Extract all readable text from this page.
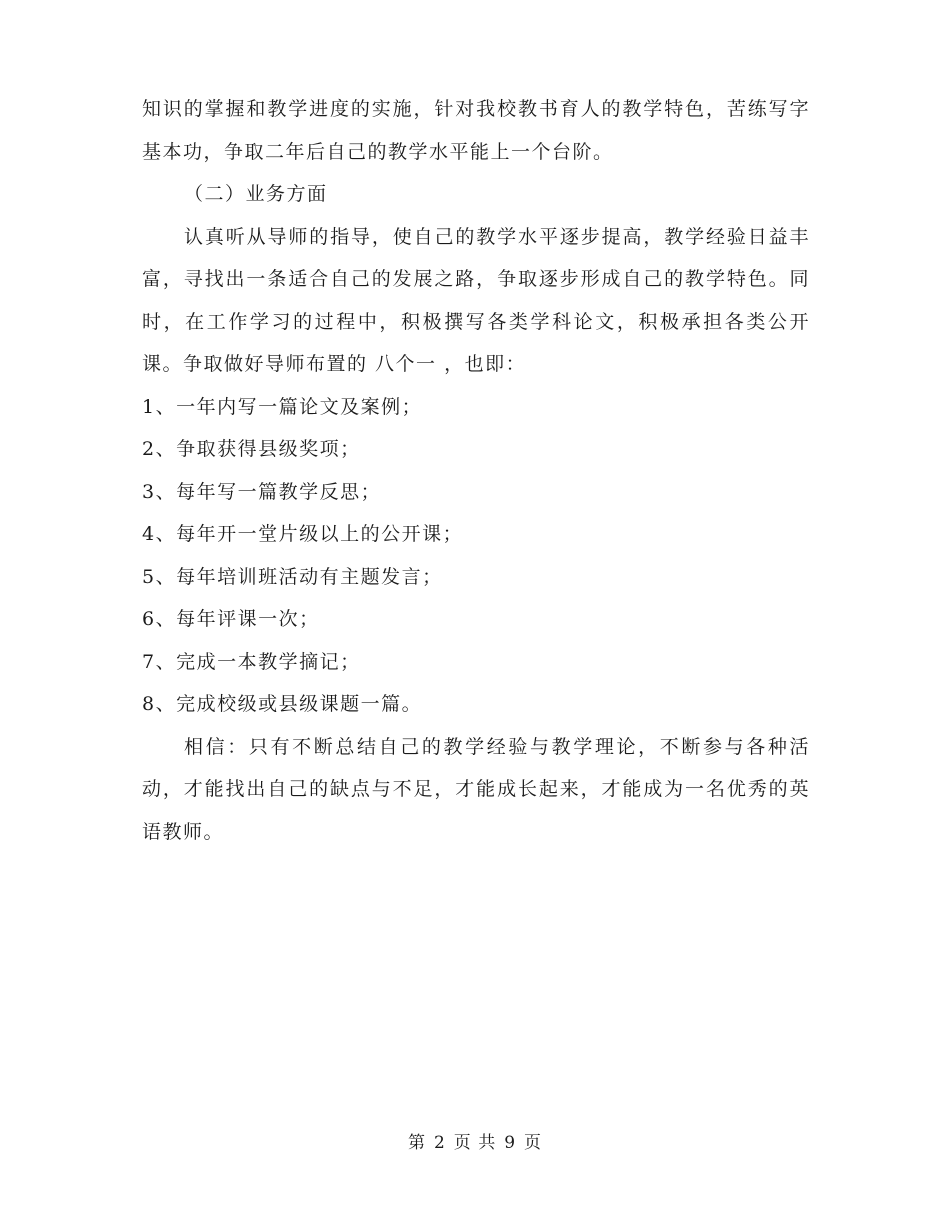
知识的掌握和教学进度的实施，针对我校教书育人的教学特色，苦练写字基本功，争取二年后自己的教学水平能上一个台阶。

（二）业务方面

认真听从导师的指导，使自己的教学水平逐步提高，教学经验日益丰富，寻找出一条适合自己的发展之路，争取逐步形成自己的教学特色。同时，在工作学习的过程中，积极撰写各类学科论文，积极承担各类公开课。争取做好导师布置的 八个一 ，也即：

1、一年内写一篇论文及案例；

2、争取获得县级奖项；

3、每年写一篇教学反思；

4、每年开一堂片级以上的公开课；

5、每年培训班活动有主题发言；

6、每年评课一次；

7、完成一本教学摘记；

8、完成校级或县级课题一篇。

相信：只有不断总结自己的教学经验与教学理论，不断参与各种活动，才能找出自己的缺点与不足，才能成长起来，才能成为一名优秀的英语教师。

第 2 页 共 9 页
